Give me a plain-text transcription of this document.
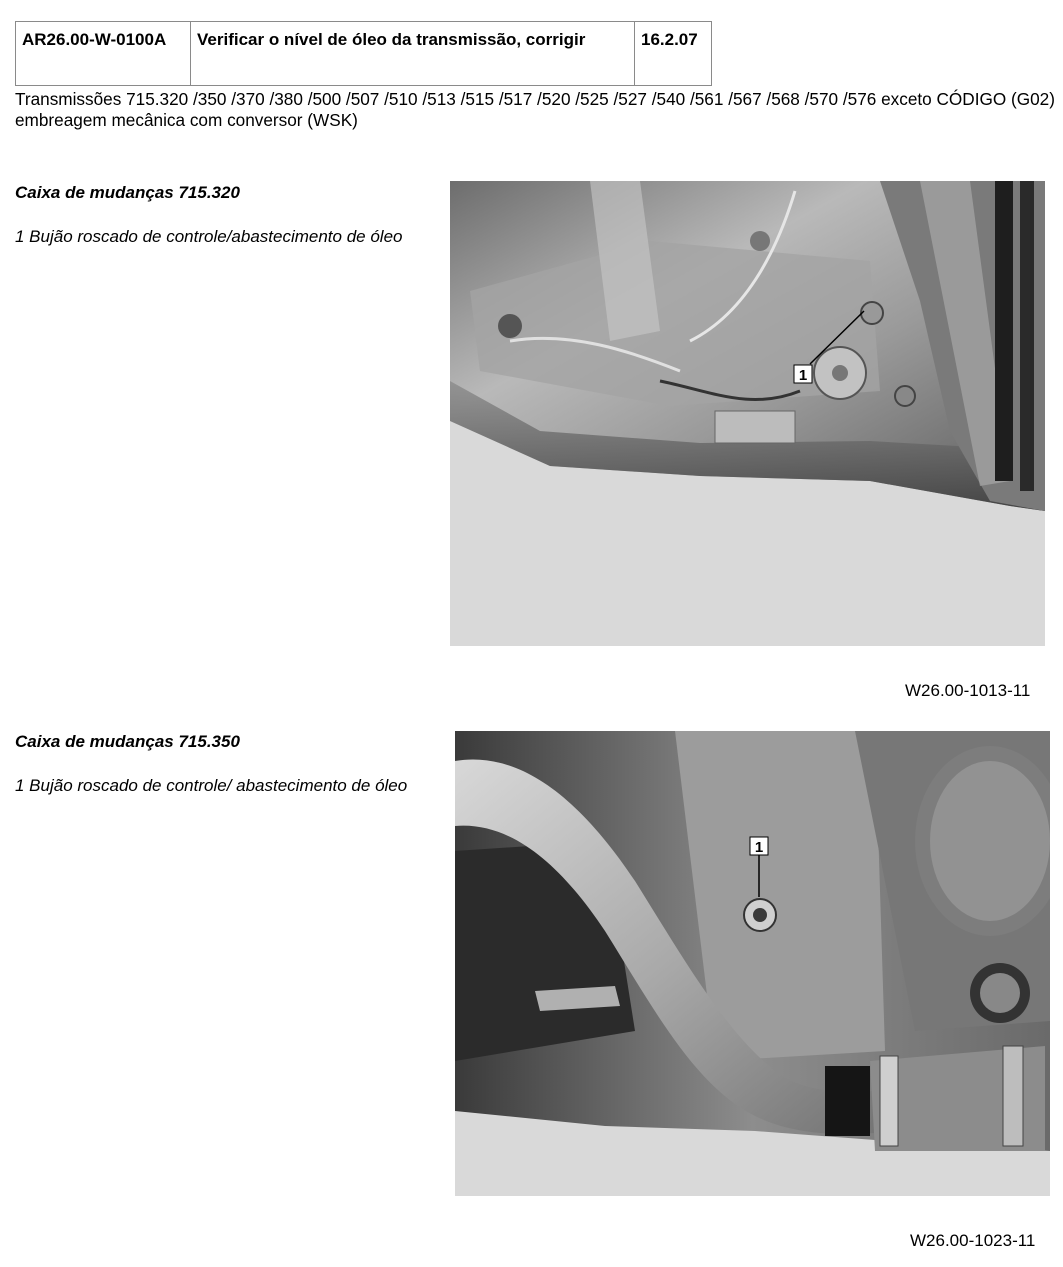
AR26.00-W-0100A	Verificar o nível de óleo da transmissão, corrigir	16.2.07
Transmissões 715.320 /350 /370 /380 /500 /507 /510 /513 /515 /517 /520 /525 /527 /540 /561 /567 /568 /570 /576 exceto CÓDIGO (G02) embreagem mecânica com conversor (WSK)
Caixa de mudanças 715.320
1 Bujão roscado de controle/abastecimento de óleo
1
W26.00-1013-11
Caixa de mudanças 715.350
1 Bujão roscado de controle/ abastecimento de óleo
1
W26.00-1023-11
